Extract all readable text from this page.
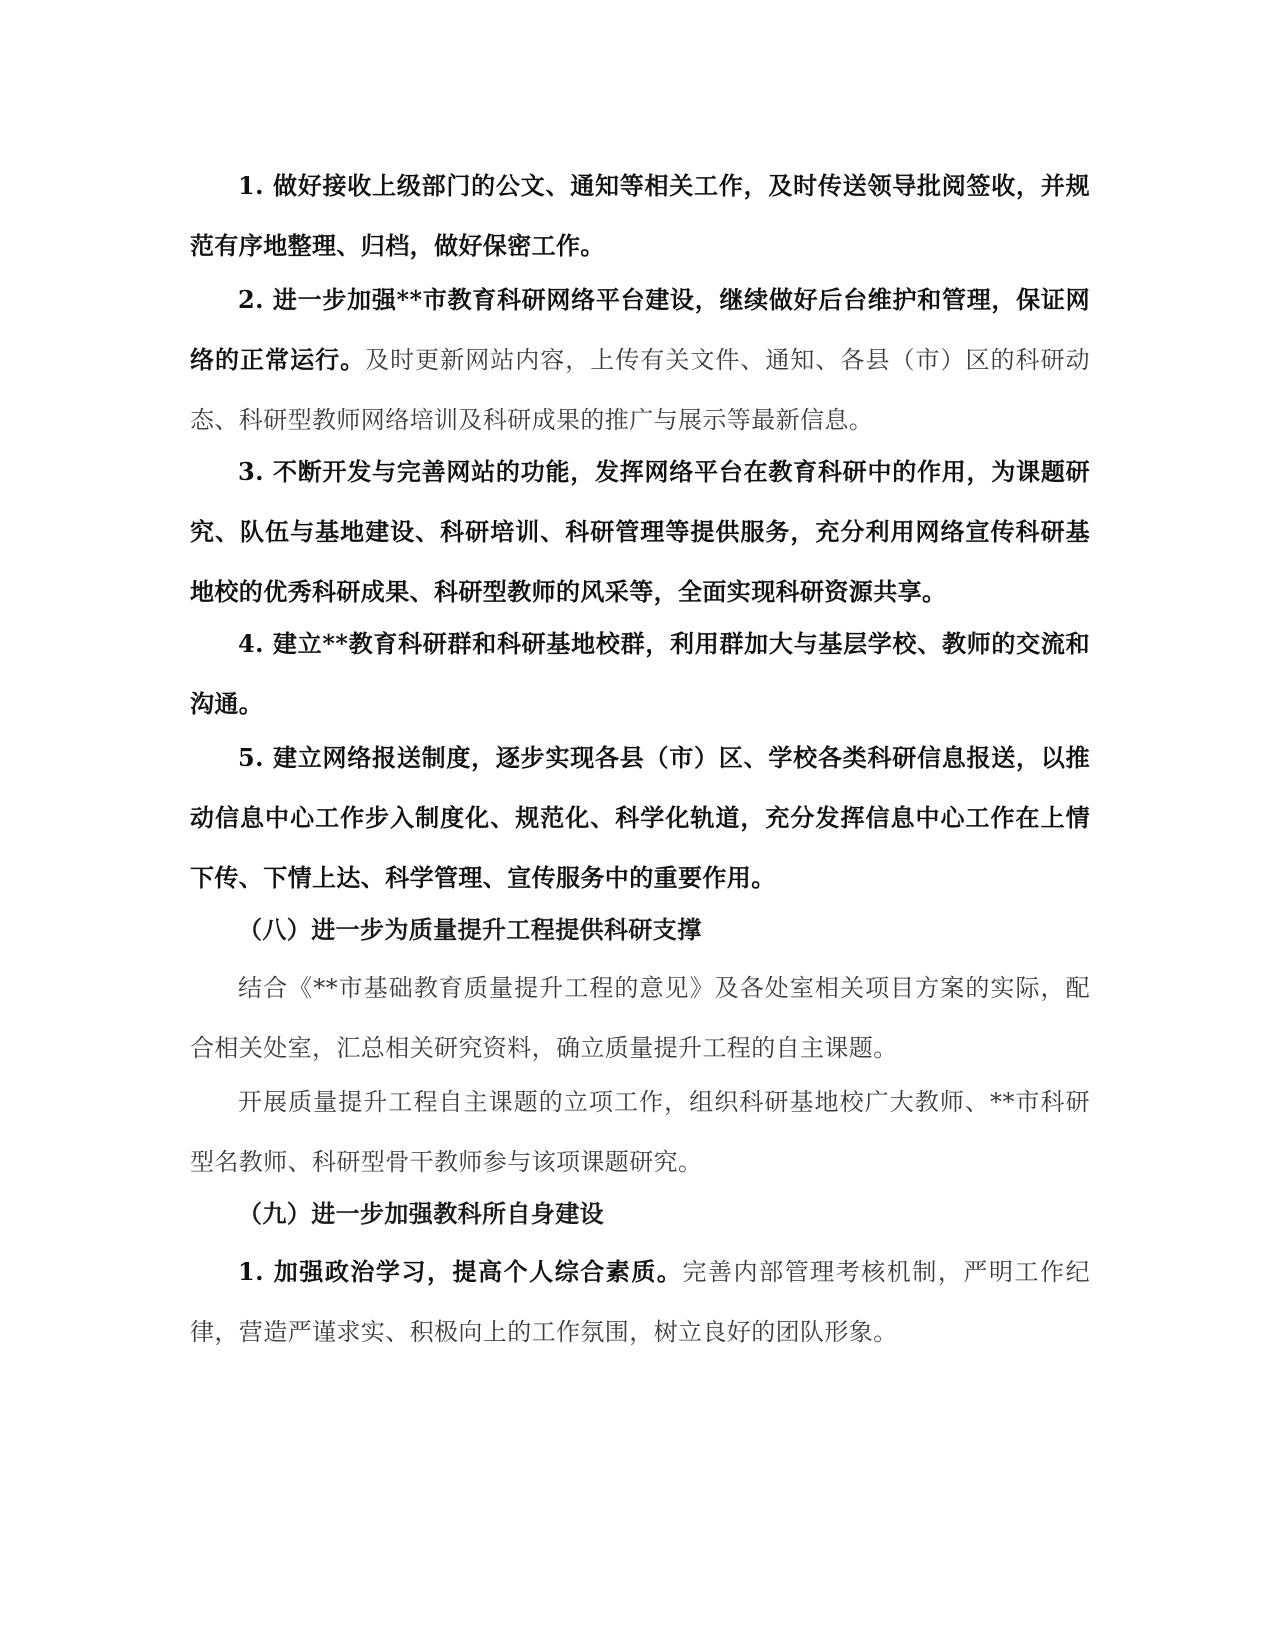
1. 做好接收上级部门的公文、通知等相关工作，及时传送领导批阅签收，并规范有序地整理、归档，做好保密工作。

2. 进一步加强**市教育科研网络平台建设，继续做好后台维护和管理，保证网络的正常运行。及时更新网站内容，上传有关文件、通知、各县（市）区的科研动态、科研型教师网络培训及科研成果的推广与展示等最新信息。

3. 不断开发与完善网站的功能，发挥网络平台在教育科研中的作用，为课题研究、队伍与基地建设、科研培训、科研管理等提供服务，充分利用网络宣传科研基地校的优秀科研成果、科研型教师的风采等，全面实现科研资源共享。

4. 建立**教育科研群和科研基地校群，利用群加大与基层学校、教师的交流和沟通。

5. 建立网络报送制度，逐步实现各县（市）区、学校各类科研信息报送，以推动信息中心工作步入制度化、规范化、科学化轨道，充分发挥信息中心工作在上情下传、下情上达、科学管理、宣传服务中的重要作用。

（八）进一步为质量提升工程提供科研支撑

结合《**市基础教育质量提升工程的意见》及各处室相关项目方案的实际，配合相关处室，汇总相关研究资料，确立质量提升工程的自主课题。

开展质量提升工程自主课题的立项工作，组织科研基地校广大教师、**市科研型名教师、科研型骨干教师参与该项课题研究。

（九）进一步加强教科所自身建设

1. 加强政治学习，提高个人综合素质。完善内部管理考核机制，严明工作纪律，营造严谨求实、积极向上的工作氛围，树立良好的团队形象。
